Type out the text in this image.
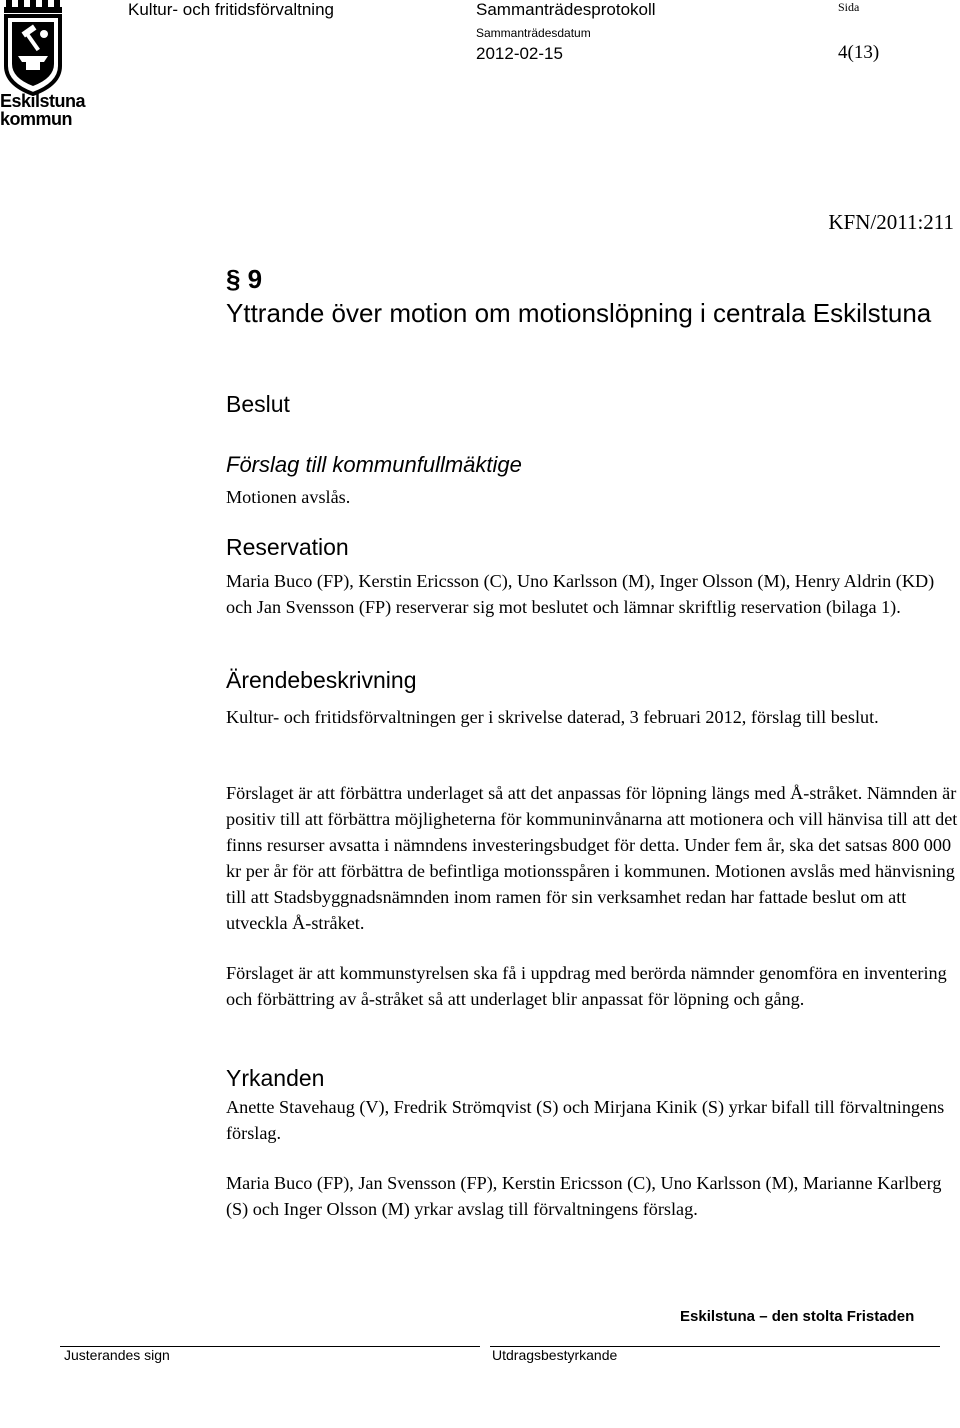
Eskilstuna
kommun
Kultur- och fritidsförvaltning	Sammanträdesprotokoll
Sammanträdesdatum
2012-02-15
Sida
4(13)
KFN/2011:211
§ 9
Yttrande över motion om motionslöpning i centrala Eskilstuna
Beslut
Förslag till kommunfullmäktige
Motionen avslås.
Reservation
Maria Buco (FP), Kerstin Ericsson (C), Uno Karlsson (M), Inger Olsson (M), Henry Aldrin (KD) och Jan Svensson (FP) reserverar sig mot beslutet och lämnar skriftlig reservation (bilaga 1).
Ärendebeskrivning
Kultur- och fritidsförvaltningen ger i skrivelse daterad, 3 februari 2012, förslag till beslut.
Förslaget är att förbättra underlaget så att det anpassas för löpning längs med Å-stråket. Nämnden är positiv till att förbättra möjligheterna för kommuninvånarna att motionera och vill hänvisa till att det finns resurser avsatta i nämndens investeringsbudget för detta. Under fem år, ska det satsas 800 000 kr per år för att förbättra de befintliga motionsspåren i kommunen. Motionen avslås med hänvisning till att Stadsbyggnadsnämnden inom ramen för sin verksamhet redan har fattade beslut om att utveckla Å-stråket.
Förslaget är att kommunstyrelsen ska få i uppdrag med berörda nämnder genomföra en inventering och förbättring av å-stråket så att underlaget blir anpassat för löpning och gång.
Yrkanden
Anette Stavehaug (V), Fredrik Strömqvist (S) och Mirjana Kinik (S) yrkar bifall till förvaltningens förslag.
Maria Buco (FP), Jan Svensson (FP), Kerstin Ericsson (C), Uno Karlsson (M), Marianne Karlberg (S) och Inger Olsson (M) yrkar avslag till förvaltningens förslag.
Eskilstuna – den stolta Fristaden
Justerandes sign	Utdragsbestyrkande
